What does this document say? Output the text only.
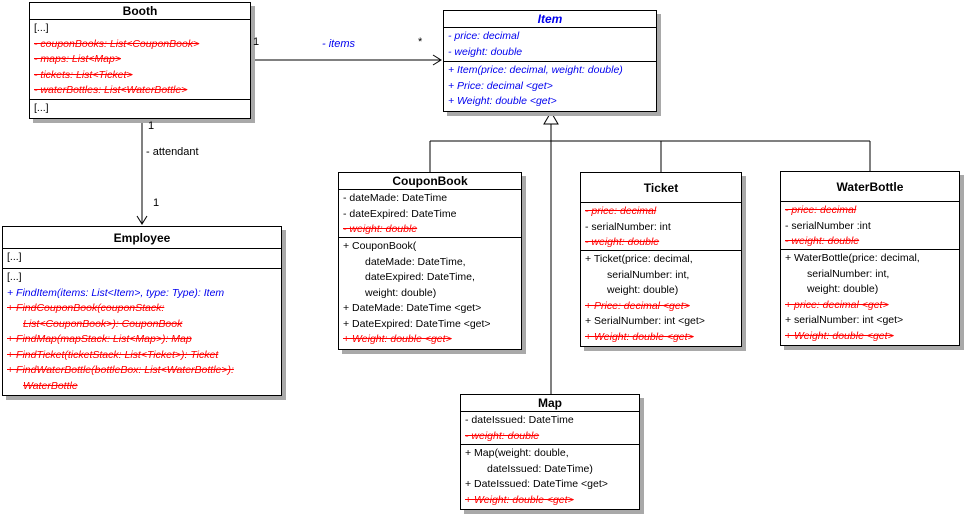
1	- items	*
1
- attendant
1
Booth
[...]
- couponBooks: List<CouponBook>
- maps: List<Map>
- tickets: List<Ticket>
- waterBottles: List<WaterBottle>
[...]
Item
- price: decimal
- weight: double
+ Item(price: decimal, weight: double)
+ Price: decimal <get>
+ Weight: double <get>
Employee
[...]
[...]
+ FindItem(items: List<Item>, type: Type): Item
+ FindCouponBook(couponStack:
List<CouponBook>): CouponBook
+ FindMap(mapStack: List<Map>): Map
+ FindTicket(ticketStack: List<Ticket>): Ticket
+ FindWaterBottle(bottleBox: List<WaterBottle>):
WaterBottle
CouponBook
- dateMade: DateTime
- dateExpired: DateTime
- weight: double
+ CouponBook(
dateMade: DateTime,
dateExpired: DateTime,
weight: double)
+ DateMade: DateTime <get>
+ DateExpired: DateTime <get>
+ Weight: double <get>
Ticket
- price: decimal
- serialNumber: int
- weight: double
+ Ticket(price: decimal,
serialNumber: int,
weight: double)
+ Price: decimal <get>
+ SerialNumber: int <get>
+ Weight: double <get>
WaterBottle
- price: decimal
- serialNumber :int
- weight: double
+ WaterBottle(price: decimal,
serialNumber: int,
weight: double)
+ price: decimal <get>
+ serialNumber: int <get>
+ Weight: double <get>
Map
- dateIssued: DateTime
- weight: double
+ Map(weight: double,
dateIssued: DateTime)
+ DateIssued: DateTime <get>
+ Weight: double <get>
